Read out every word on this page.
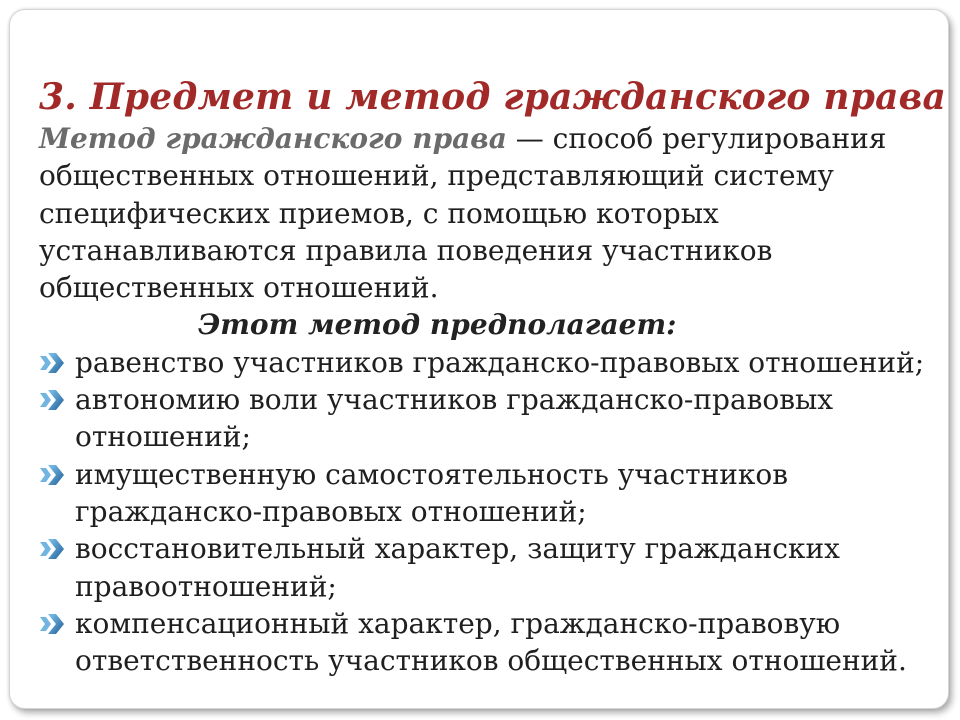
3. Предмет и метод гражданского права

Метод гражданского права — способ регулирования

общественных отношений, представляющий систему

специфических приемов, с помощью которых

устанавливаются правила поведения участников

общественных отношений.

Этот метод предполагает:

равенство участников гражданско-правовых отношений;
автономию воли участников гражданско-правовых
отношений;
имущественную самостоятельность участников
гражданско-правовых отношений;
восстановительный характер, защиту гражданских
правоотношений;
компенсационный характер, гражданско-правовую
ответственность участников общественных отношений.
